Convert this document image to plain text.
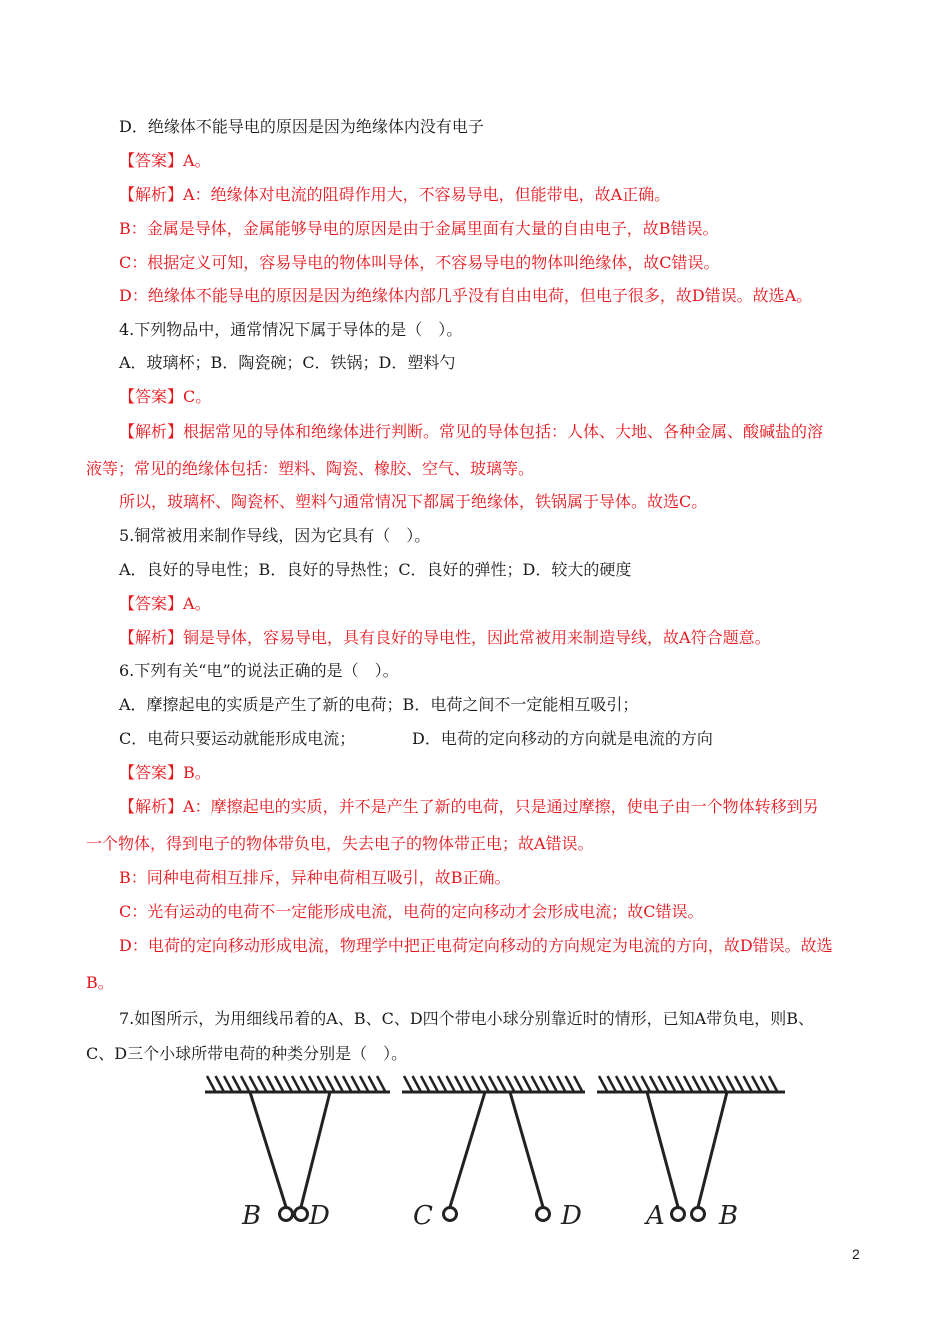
D．绝缘体不能导电的原因是因为绝缘体内没有电子
【答案】A。
【解析】A：绝缘体对电流的阻碍作用大，不容易导电，但能带电，故A正确。
B：金属是导体，金属能够导电的原因是由于金属里面有大量的自由电子，故B错误。
C：根据定义可知，容易导电的物体叫导体，不容易导电的物体叫绝缘体，故C错误。
D：绝缘体不能导电的原因是因为绝缘体内部几乎没有自由电荷，但电子很多，故D错误。故选A。
4.下列物品中，通常情况下属于导体的是（　）。
A．玻璃杯；B．陶瓷碗；C．铁锅；D．塑料勺
【答案】C。
【解析】根据常见的导体和绝缘体进行判断。常见的导体包括：人体、大地、各种金属、酸碱盐的溶
液等；常见的绝缘体包括：塑料、陶瓷、橡胶、空气、玻璃等。
所以，玻璃杯、陶瓷杯、塑料勺通常情况下都属于绝缘体，铁锅属于导体。故选C。
5.铜常被用来制作导线，因为它具有（　）。
A．良好的导电性；B．良好的导热性；C．良好的弹性；D．较大的硬度
【答案】A。
【解析】铜是导体，容易导电，具有良好的导电性，因此常被用来制造导线，故A符合题意。
6.下列有关“电”的说法正确的是（　）。
A．摩擦起电的实质是产生了新的电荷；B．电荷之间不一定能相互吸引；
C．电荷只要运动就能形成电流；	D．电荷的定向移动的方向就是电流的方向
【答案】B。
【解析】A：摩擦起电的实质，并不是产生了新的电荷，只是通过摩擦，使电子由一个物体转移到另
一个物体，得到电子的物体带负电，失去电子的物体带正电；故A错误。
B：同种电荷相互排斥，异种电荷相互吸引，故B正确。
C：光有运动的电荷不一定能形成电流，电荷的定向移动才会形成电流；故C错误。
D：电荷的定向移动形成电流，物理学中把正电荷定向移动的方向规定为电流的方向，故D错误。故选
B。
7.如图所示，为用细线吊着的A、B、C、D四个带电小球分别靠近时的情形，已知A带负电，则B、
C、D三个小球所带电荷的种类分别是（　）。
B D	C	D A B
2
